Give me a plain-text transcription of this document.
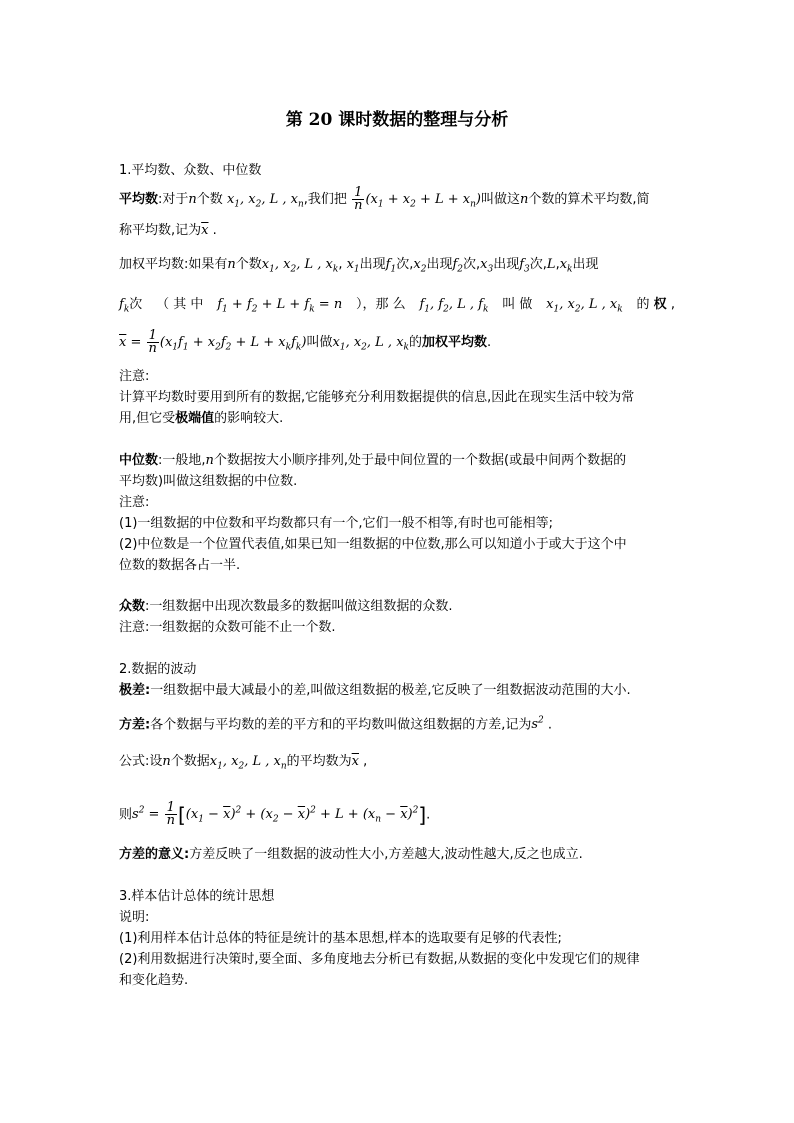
第 20 课时数据的整理与分析
1.平均数、众数、中位数
平均数:对于n个数 $x_1$, $x_2$, L , $x_n$,我们把 $\frac{1}{n} (x_1 + x_2 + L + x_n)$叫做这n个数的算术平均数,简
称平均数,记为$\overline{x}$ .
加权平均数:如果有n个数$x_1$, $x_2$, L , $x_k$, $x_1$出现$f_1$次$,x_2$出现$f_2$次$,x_3$出现$f_3$次$,L,x_k$出现
$f_k$次 （ 其 中 $f_1 + f_2 + L + f_k = n$ ），那 么 $f_1$, $f_2$, L , $f_k$ 叫 做 $x_1$, $x_2$, L , $x_k$ 的 权 ,
$\overline{x} = \frac{1}{n} (x_1f_1 + x_2f_2 + L + x_kf_k)$叫做$x_1$, $x_2$, L , $x_k$的加权平均数.
注意:
计算平均数时要用到所有的数据,它能够充分利用数据提供的信息,因此在现实生活中较为常
用,但它受极端值的影响较大.
中位数:一般地,n个数据按大小顺序排列,处于最中间位置的一个数据(或最中间两个数据的
平均数)叫做这组数据的中位数.
注意:
(1)一组数据的中位数和平均数都只有一个,它们一般不相等,有时也可能相等;
(2)中位数是一个位置代表值,如果已知一组数据的中位数,那么可以知道小于或大于这个中
位数的数据各占一半.
众数:一组数据中出现次数最多的数据叫做这组数据的众数.
注意:一组数据的众数可能不止一个数.
2.数据的波动
极差:一组数据中最大减最小的差,叫做这组数据的极差,它反映了一组数据波动范围的大小.
方差:各个数据与平均数的差的平方和的平均数叫做这组数据的方差,记为$s^2$ .
公式:设n个数据$x_1$, $x_2$, L , $x_n$的平均数为$\overline{x}$ ,
则$s^2 = \frac{1}{n} [(x_1 - \overline{x})^2 + (x_2 - \overline{x})^2 + L + (x_n - \overline{x})^2]$.
方差的意义:方差反映了一组数据的波动性大小,方差越大,波动性越大,反之也成立.
3.样本估计总体的统计思想
说明:
(1)利用样本估计总体的特征是统计的基本思想,样本的选取要有足够的代表性;
(2)利用数据进行决策时,要全面、多角度地去分析已有数据,从数据的变化中发现它们的规律
和变化趋势.
